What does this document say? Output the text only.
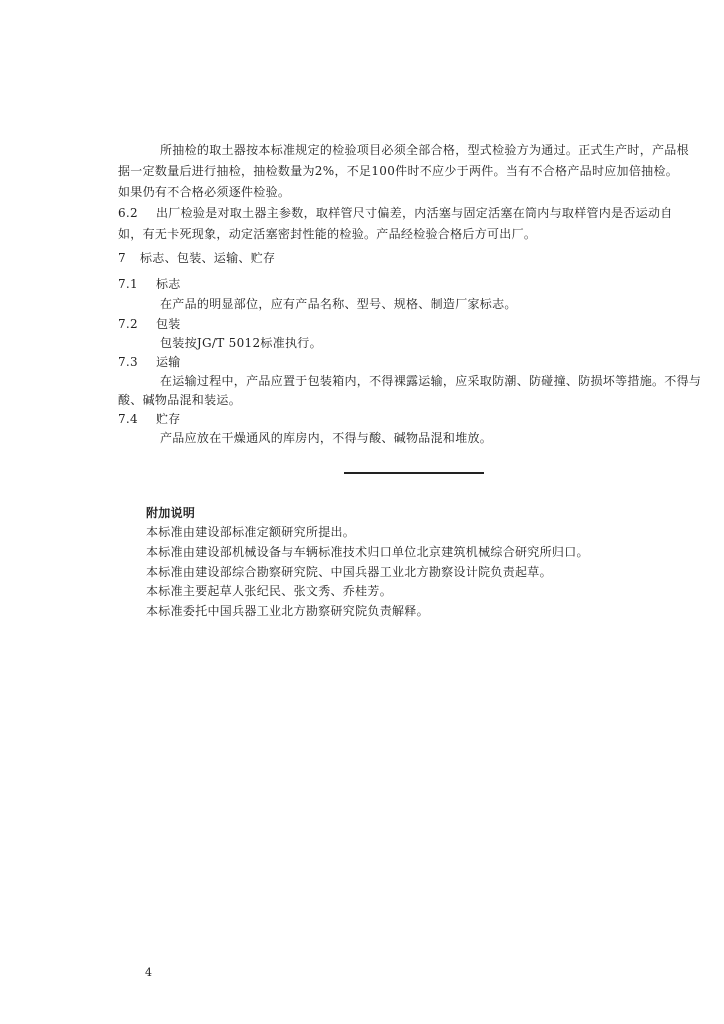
所抽检的取土器按本标准规定的检验项目必须全部合格，型式检验方为通过。正式生产时，产品根
据一定数量后进行抽检，抽检数量为2%，不足100件时不应少于两件。当有不合格产品时应加倍抽检。
如果仍有不合格必须逐件检验。
6.2 出厂检验是对取土器主参数，取样管尺寸偏差，内活塞与固定活塞在筒内与取样管内是否运动自
如，有无卡死现象，动定活塞密封性能的检验。产品经检验合格后方可出厂。
7 标志、包装、运输、贮存
7.1 标志
在产品的明显部位，应有产品名称、型号、规格、制造厂家标志。
7.2 包装
包装按JG/T 5012标准执行。
7.3 运输
在运输过程中，产品应置于包装箱内，不得裸露运输，应采取防潮、防碰撞、防损坏等措施。不得与
酸、碱物品混和装运。
7.4 贮存
产品应放在干燥通风的库房内，不得与酸、碱物品混和堆放。
附加说明
本标准由建设部标准定额研究所提出。
本标准由建设部机械设备与车辆标准技术归口单位北京建筑机械综合研究所归口。
本标准由建设部综合勘察研究院、中国兵器工业北方勘察设计院负责起草。
本标准主要起草人张纪民、张文秀、乔桂芳。
本标准委托中国兵器工业北方勘察研究院负责解释。
4
